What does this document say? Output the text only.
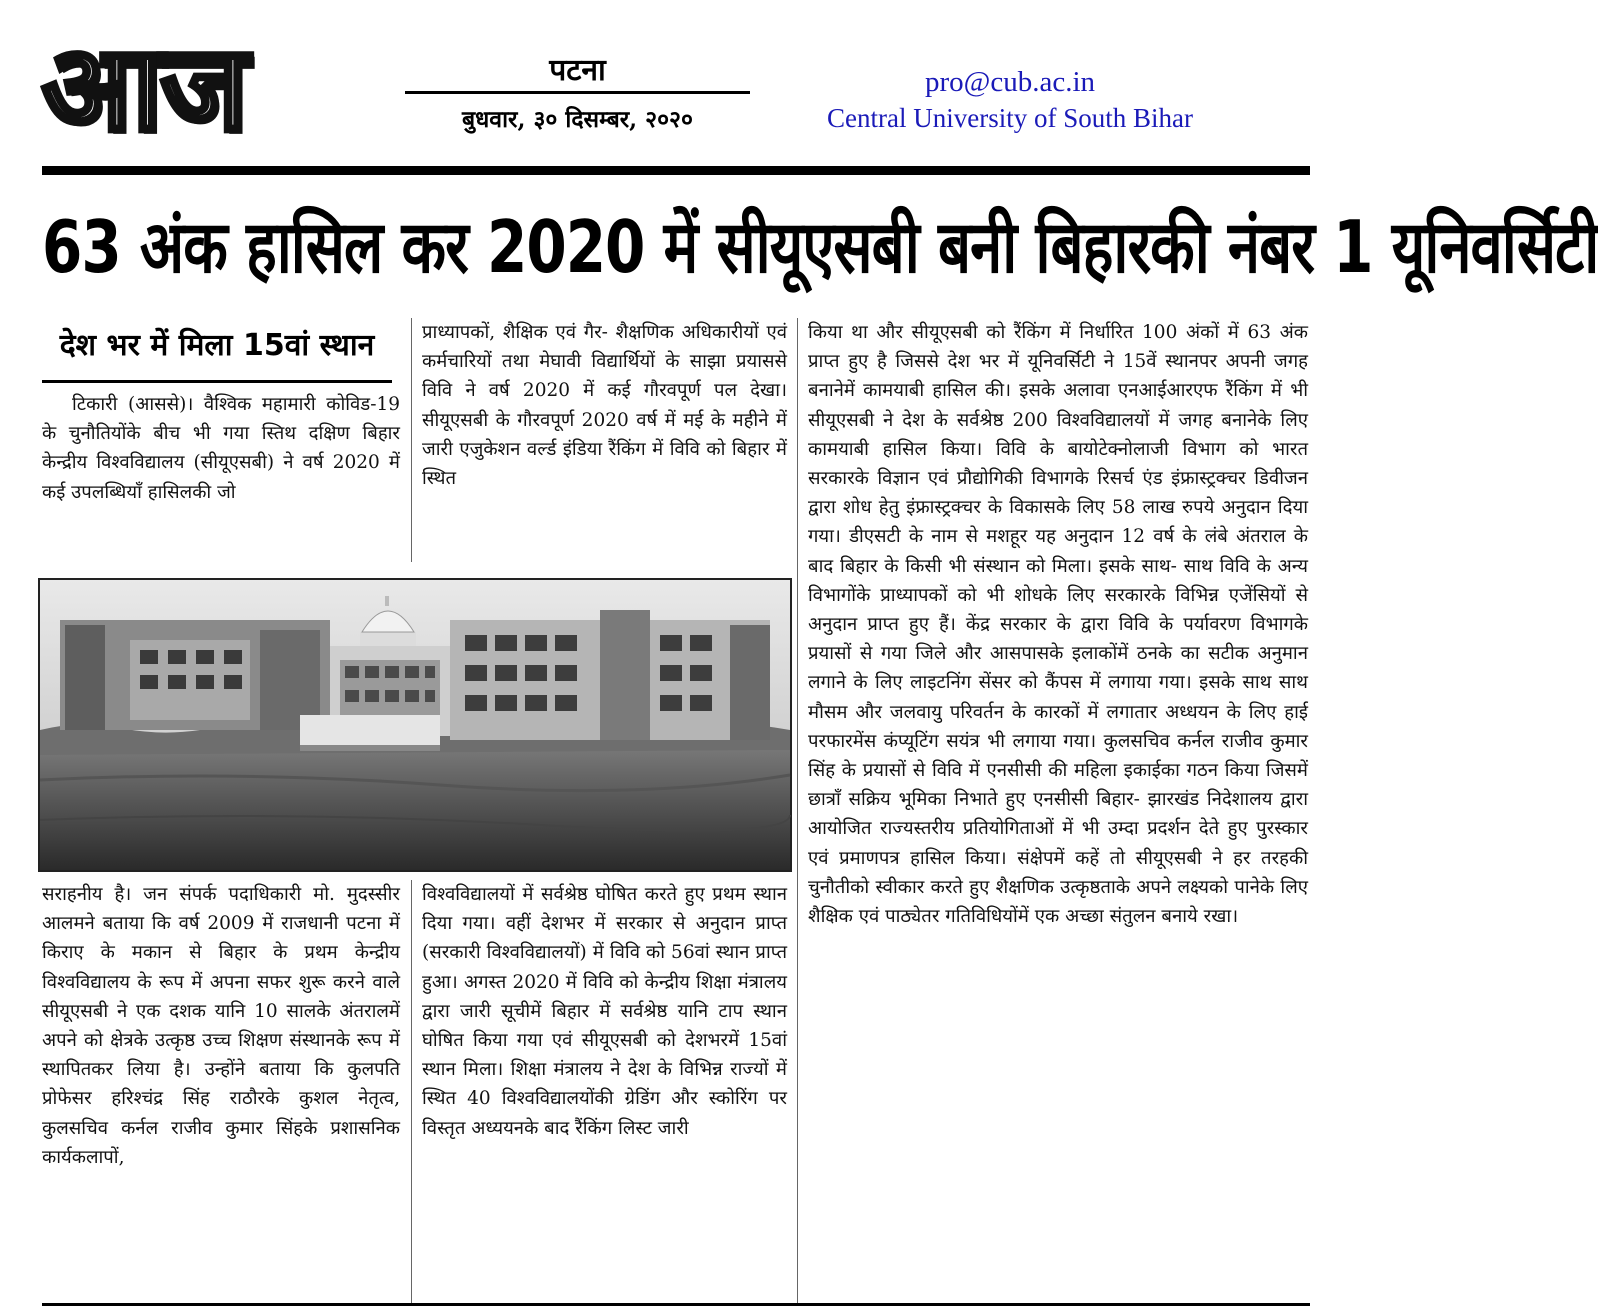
आज	पटना
बुधवार, ३० दिसम्बर, २०२०
pro@cub.ac.in
Central University of South Bihar
63 अंक हासिल कर 2020 में सीयूएसबी बनी बिहारकी नंबर 1 यूनिवर्सिटी
देश भर में मिला 15वां स्थान

टिकारी (आससे)। वैश्विक महामारी कोविड-19 के चुनौतियोंके बीच भी गया स्तिथ दक्षिण बिहार केन्द्रीय विश्वविद्यालय (सीयूएसबी) ने वर्ष 2020 में कई उपलब्धियाँ हासिलकी जो

प्राध्यापकों, शैक्षिक एवं गैर- शैक्षणिक अधिकारीयों एवं कर्मचारियों तथा मेघावी विद्यार्थियों के साझा प्रयाससे विवि ने वर्ष 2020 में कई गौरवपूर्ण पल देखा। सीयूएसबी के गौरवपूर्ण 2020 वर्ष में मई के महीने में जारी एजुकेशन वर्ल्ड इंडिया रैंकिंग में विवि को बिहार में स्थित

किया था और सीयूएसबी को रैंकिंग में निर्धारित 100 अंकों में 63 अंक प्राप्त हुए है जिससे देश भर में यूनिवर्सिटी ने 15वें स्थानपर अपनी जगह बनानेमें कामयाबी हासिल की। इसके अलावा एनआईआरएफ रैंकिंग में भी सीयूएसबी ने देश के सर्वश्रेष्ठ 200 विश्वविद्यालयों में जगह बनानेके लिए कामयाबी हासिल किया। विवि के बायोटेक्नोलाजी विभाग को भारत सरकारके विज्ञान एवं प्रौद्योगिकी विभागके रिसर्च एंड इंफ्रास्ट्रक्चर डिवीजन द्वारा शोध हेतु इंफ्रास्ट्रक्चर के विकासके लिए 58 लाख रुपये अनुदान दिया गया। डीएसटी के नाम से मशहूर यह अनुदान 12 वर्ष के लंबे अंतराल के बाद बिहार के किसी भी संस्थान को मिला। इसके साथ- साथ विवि के अन्य विभागोंके प्राध्यापकों को भी शोधके लिए सरकारके विभिन्न एजेंसियों से अनुदान प्राप्त हुए हैं। केंद्र सरकार के द्वारा विवि के पर्यावरण विभागके प्रयासों से गया जिले और आसपासके इलाकोंमें ठनके का सटीक अनुमान लगाने के लिए लाइटनिंग सेंसर को कैंपस में लगाया गया। इसके साथ साथ मौसम और जलवायु परिवर्तन के कारकों में लगातार अध्धयन के लिए हाई परफारमेंस कंप्यूटिंग सयंत्र भी लगाया गया। कुलसचिव कर्नल राजीव कुमार सिंह के प्रयासों से विवि में एनसीसी की महिला इकाईका गठन किया जिसमें छात्राँ सक्रिय भूमिका निभाते हुए एनसीसी बिहार- झारखंड निदेशालय द्वारा आयोजित राज्यस्तरीय प्रतियोगिताओं में भी उम्दा प्रदर्शन देते हुए पुरस्कार एवं प्रमाणपत्र हासिल किया। संक्षेपमें कहें तो सीयूएसबी ने हर तरहकी चुनौतीको स्वीकार करते हुए शैक्षणिक उत्कृष्ठताके अपने लक्ष्यको पानेके लिए शैक्षिक एवं पाठ्येतर गतिविधियोंमें एक अच्छा संतुलन बनाये रखा।

सराहनीय है। जन संपर्क पदाधिकारी मो. मुदस्सीर आलमने बताया कि वर्ष 2009 में राजधानी पटना में किराए के मकान से बिहार के प्रथम केन्द्रीय विश्वविद्यालय के रूप में अपना सफर शुरू करने वाले सीयूएसबी ने एक दशक यानि 10 सालके अंतरालमें अपने को क्षेत्रके उत्कृष्ठ उच्च शिक्षण संस्थानके रूप में स्थापितकर लिया है। उन्होंने बताया कि कुलपति प्रोफेसर हरिश्चंद्र सिंह राठौरके कुशल नेतृत्व, कुलसचिव कर्नल राजीव कुमार सिंहके प्रशासनिक कार्यकलापों,

विश्वविद्यालयों में सर्वश्रेष्ठ घोषित करते हुए प्रथम स्थान दिया गया। वहीं देशभर में सरकार से अनुदान प्राप्त (सरकारी विश्वविद्यालयों) में विवि को 56वां स्थान प्राप्त हुआ। अगस्त 2020 में विवि को केन्द्रीय शिक्षा मंत्रालय द्वारा जारी सूचीमें बिहार में सर्वश्रेष्ठ यानि टाप स्थान घोषित किया गया एवं सीयूएसबी को देशभरमें 15वां स्थान मिला। शिक्षा मंत्रालय ने देश के विभिन्न राज्यों में स्थित 40 विश्वविद्यालयोंकी ग्रेडिंग और स्कोरिंग पर विस्तृत अध्ययनके बाद रैंकिंग लिस्ट जारी
